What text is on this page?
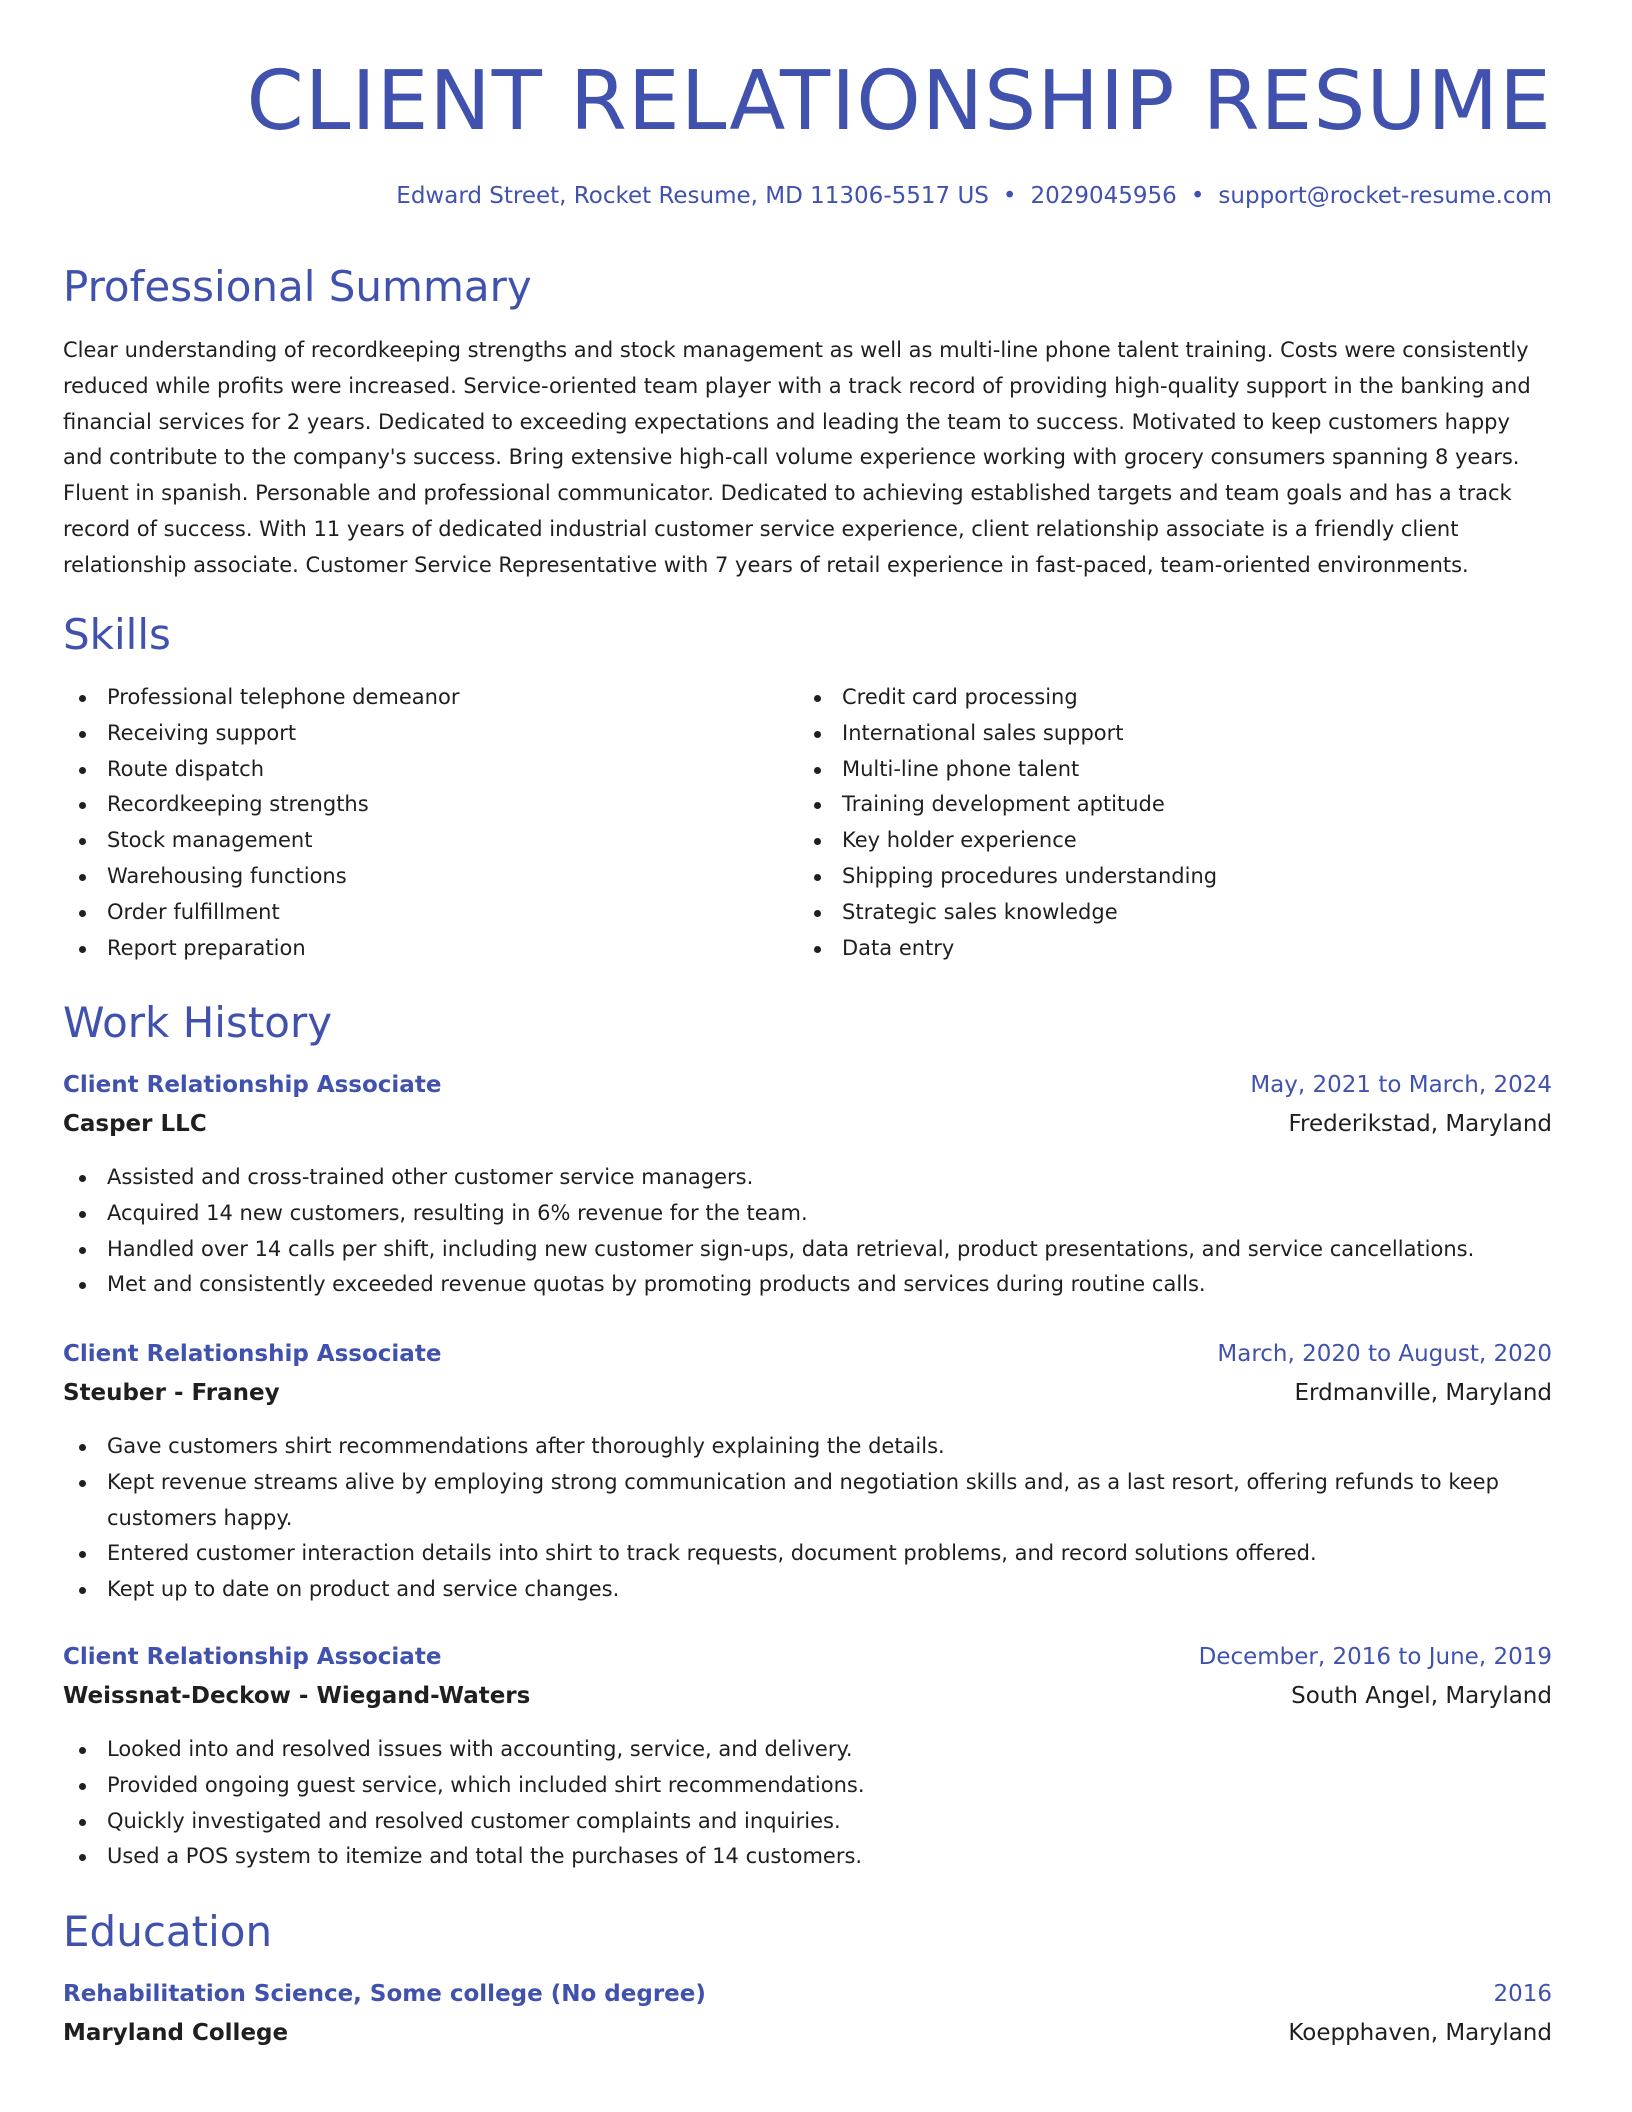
CLIENT RELATIONSHIP RESUME
Edward Street, Rocket Resume, MD 11306-5517 US • 2029045956 • support@rocket-resume.com
Professional Summary

Clear understanding of recordkeeping strengths and stock management as well as multi-line phone talent training. Costs were consistently reduced while profits were increased. Service-oriented team player with a track record of providing high-quality support in the banking and financial services for 2 years. Dedicated to exceeding expectations and leading the team to success. Motivated to keep customers happy and contribute to the company's success. Bring extensive high-call volume experience working with grocery consumers spanning 8 years. Fluent in spanish. Personable and professional communicator. Dedicated to achieving established targets and team goals and has a track record of success. With 11 years of dedicated industrial customer service experience, client relationship associate is a friendly client relationship associate. Customer Service Representative with 7 years of retail experience in fast-paced, team-oriented environments.

Skills
Professional telephone demeanor
Receiving support
Route dispatch
Recordkeeping strengths
Stock management
Warehousing functions
Order fulfillment
Report preparation
Credit card processing
International sales support
Multi-line phone talent
Training development aptitude
Key holder experience
Shipping procedures understanding
Strategic sales knowledge
Data entry
Work History
Client Relationship Associate	May, 2021 to March, 2024
Casper LLC	Frederikstad, Maryland
Assisted and cross-trained other customer service managers.
Acquired 14 new customers, resulting in 6% revenue for the team.
Handled over 14 calls per shift, including new customer sign-ups, data retrieval, product presentations, and service cancellations.
Met and consistently exceeded revenue quotas by promoting products and services during routine calls.
Client Relationship Associate	March, 2020 to August, 2020
Steuber - Franey	Erdmanville, Maryland
Gave customers shirt recommendations after thoroughly explaining the details.
Kept revenue streams alive by employing strong communication and negotiation skills and, as a last resort, offering refunds to keep customers happy.
Entered customer interaction details into shirt to track requests, document problems, and record solutions offered.
Kept up to date on product and service changes.
Client Relationship Associate	December, 2016 to June, 2019
Weissnat-Deckow - Wiegand-Waters	South Angel, Maryland
Looked into and resolved issues with accounting, service, and delivery.
Provided ongoing guest service, which included shirt recommendations.
Quickly investigated and resolved customer complaints and inquiries.
Used a POS system to itemize and total the purchases of 14 customers.
Education
Rehabilitation Science, Some college (No degree)	2016
Maryland College	Koepphaven, Maryland
